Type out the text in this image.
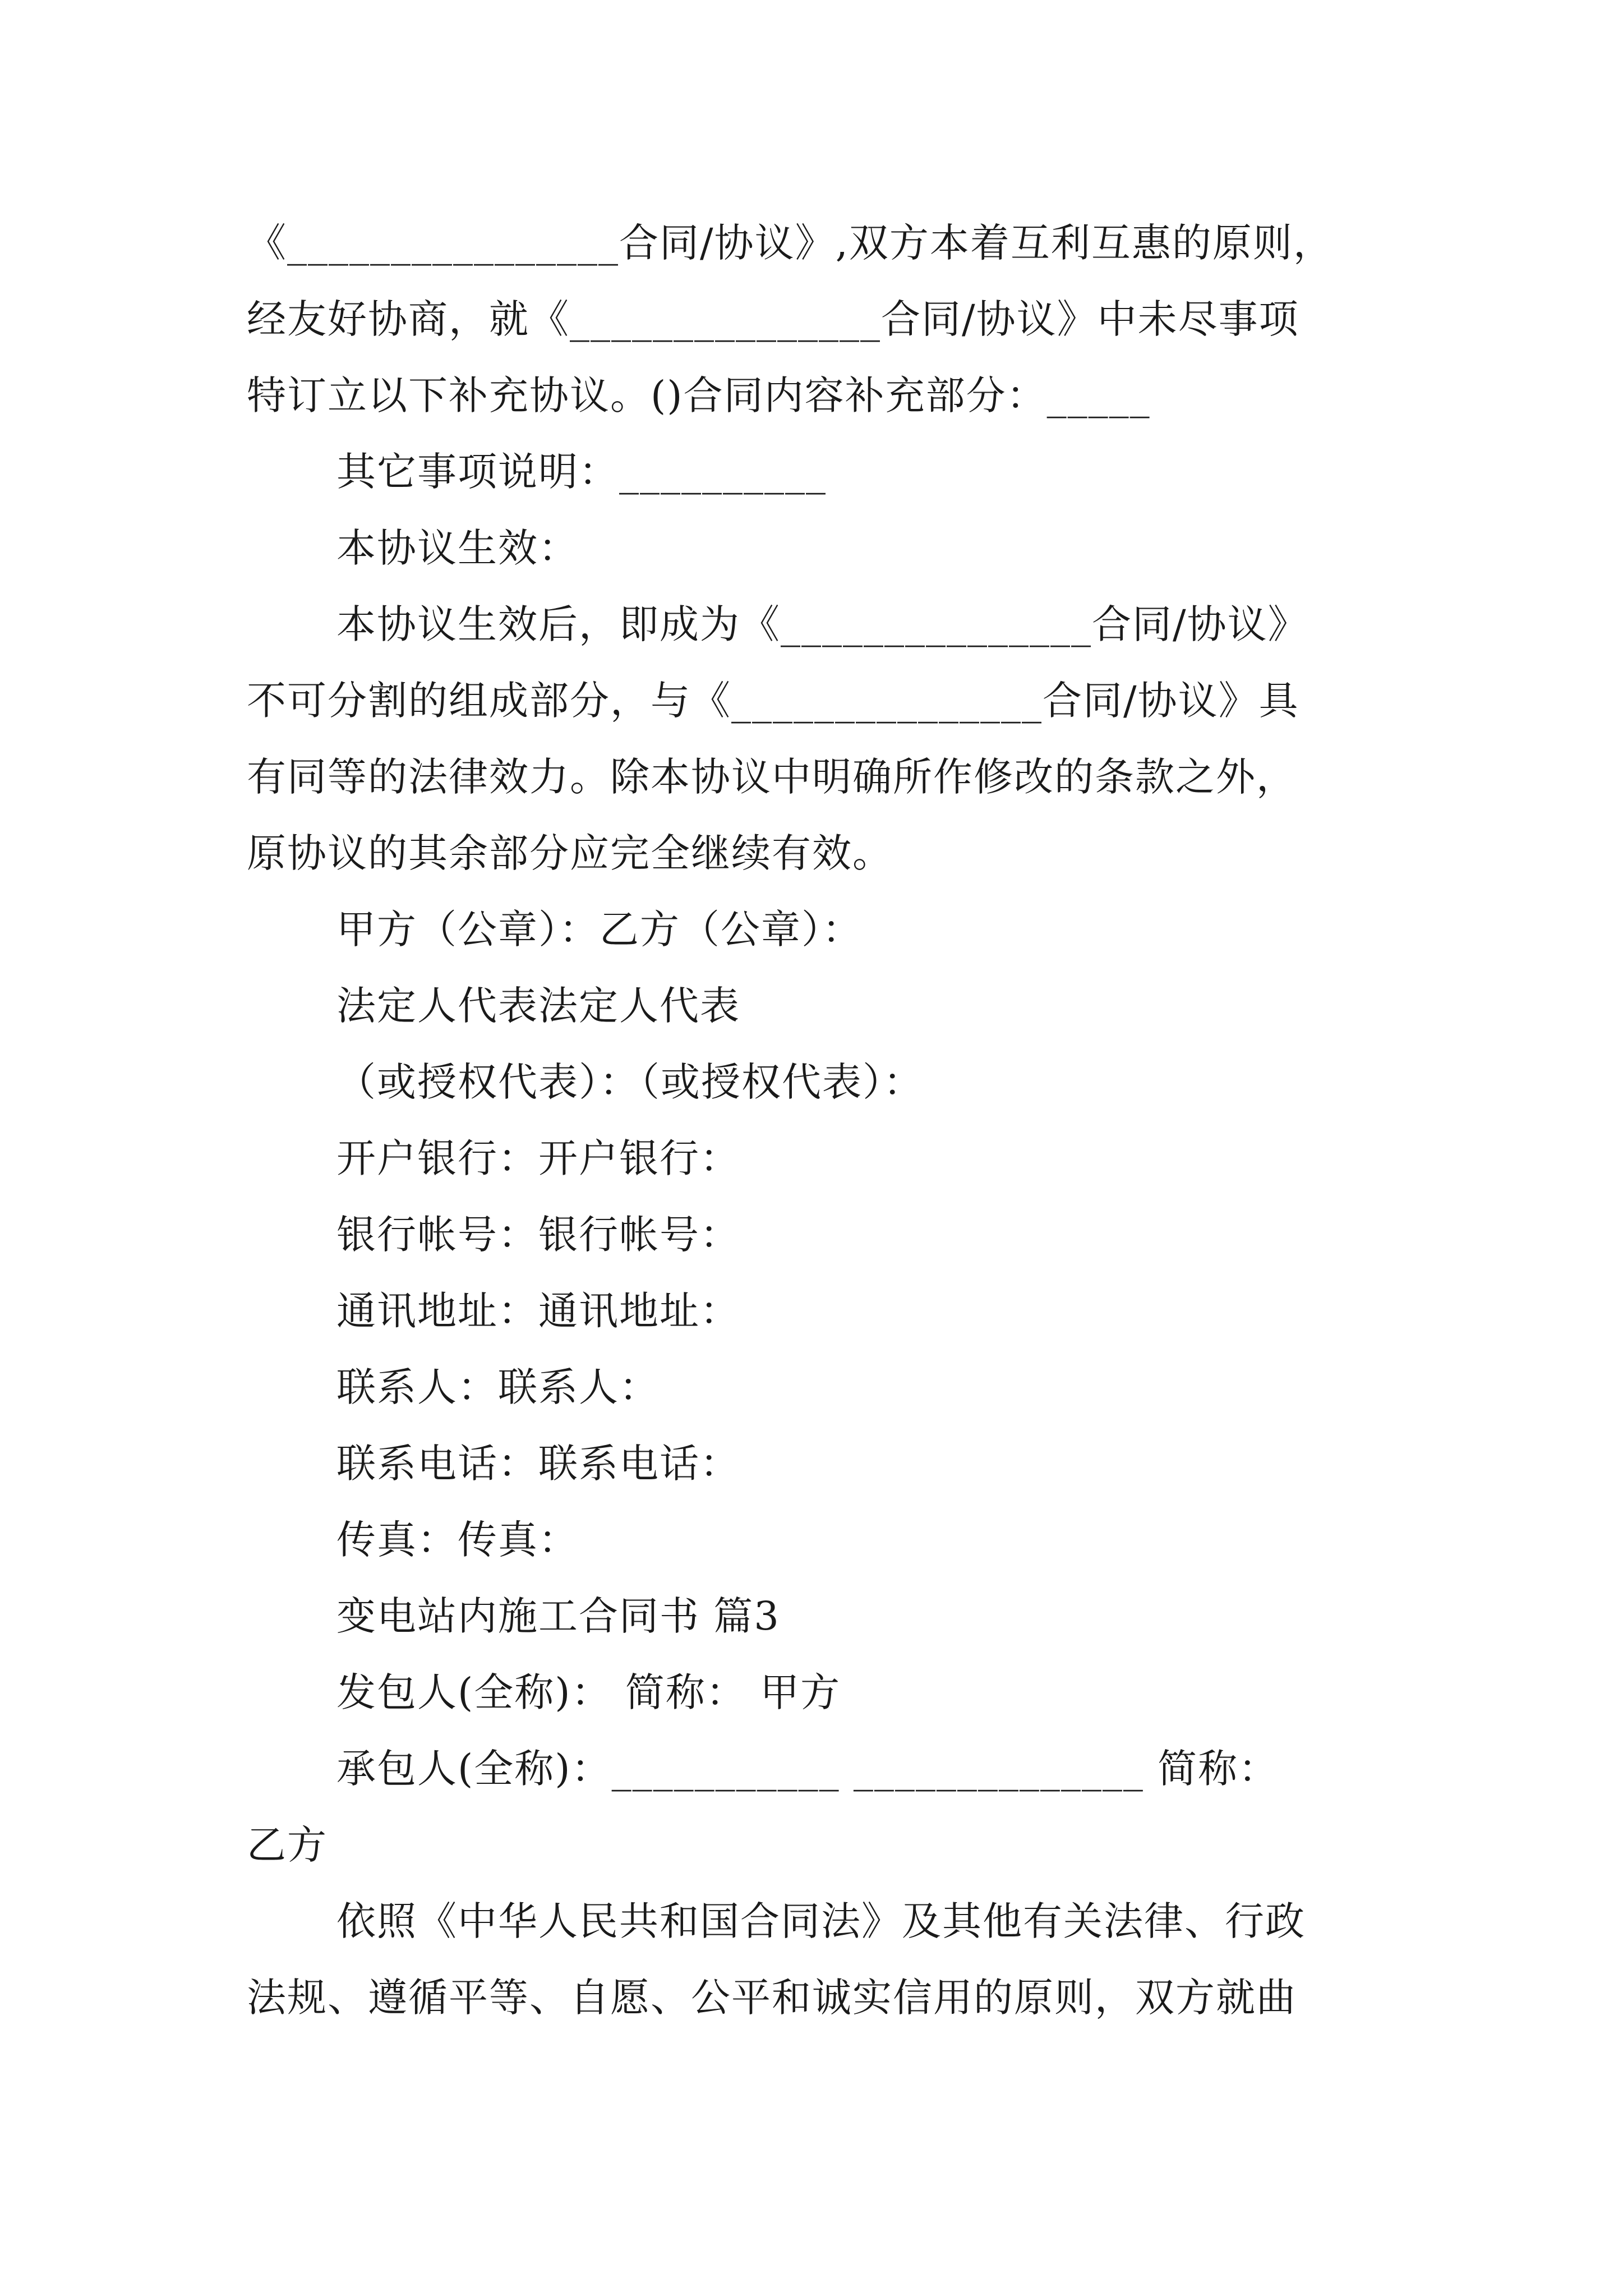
《________________合同/协议》,双方本着互利互惠的原则，
经友好协商，就《_______________合同/协议》中未尽事项
特订立以下补充协议。()合同内容补充部分：_____
其它事项说明：__________
本协议生效：
本协议生效后，即成为《_______________合同/协议》
不可分割的组成部分，与《_______________合同/协议》具
有同等的法律效力。除本协议中明确所作修改的条款之外，
原协议的其余部分应完全继续有效。
甲方（公章）：乙方（公章）：
法定人代表法定人代表
（或授权代表）：（或授权代表）：
开户银行：开户银行：
银行帐号：银行帐号：
通讯地址：通讯地址：
联系人：联系人：
联系电话：联系电话：
传真：传真：
变电站内施工合同书 篇3
发包人(全称)： 简称： 甲方
承包人(全称)：___________ ______________ 简称：
乙方
依照《中华人民共和国合同法》及其他有关法律、行政
法规、遵循平等、自愿、公平和诚实信用的原则，双方就曲
